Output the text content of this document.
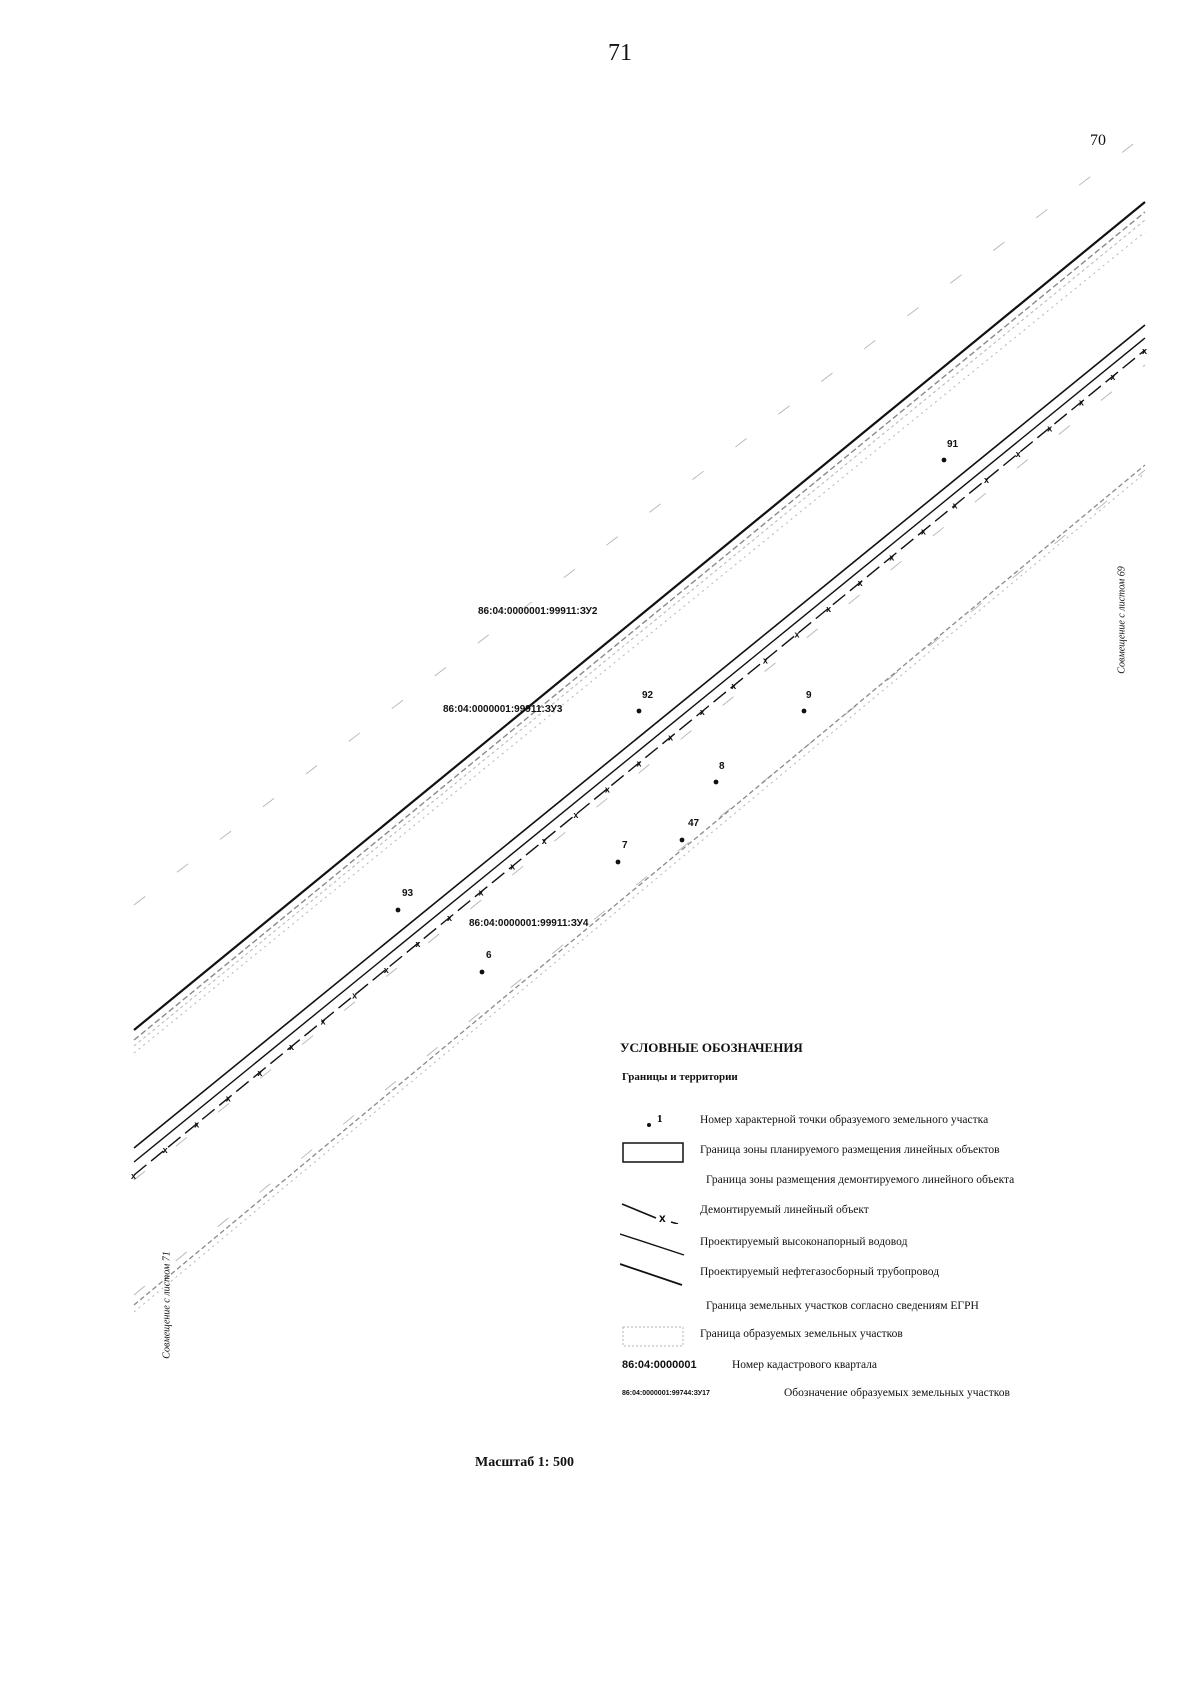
71
70
x
x
x
x
x
x
x
x
x
x
x
x
x
x
x
x
x
x
x
x
x
x
x
x
x
x
x
x
x
x
x
x
x
86:04:0000001:99911:ЗУ2
86:04:0000001:99911:ЗУ3
86:04:0000001:99911:ЗУ4
91
92
93
9
8
47
7
6
Совмещение с листом 69
Совмещение с листом 71
УСЛОВНЫЕ ОБОЗНАЧЕНИЯ
Границы и территории
1	Номер характерной точки образуемого земельного участка
Граница зоны планируемого размещения линейных объектов
Граница зоны размещения демонтируемого линейного объекта
x
Демонтируемый линейный объект
Проектируемый высоконапорный водовод
Проектируемый нефтегазосборный трубопровод
Граница земельных участков согласно сведениям ЕГРН
Граница образуемых земельных участков
86:04:0000001	Номер кадастрового квартала
86:04:0000001:99744:ЗУ17	Обозначение образуемых земельных участков
Масштаб 1: 500
